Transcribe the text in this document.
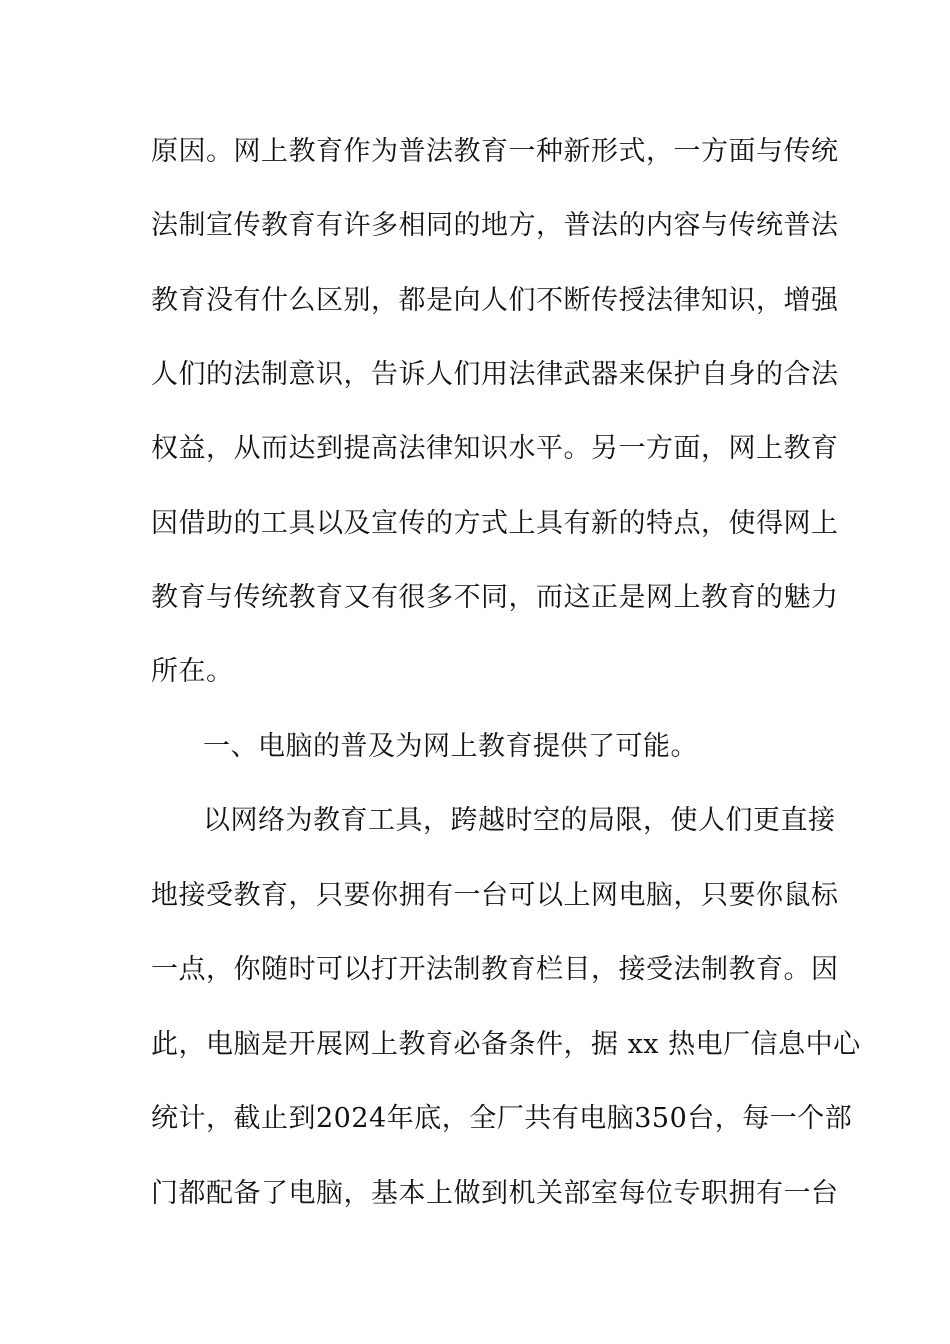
原因。网上教育作为普法教育一种新形式，一方面与传统
法制宣传教育有许多相同的地方，普法的内容与传统普法
教育没有什么区别，都是向人们不断传授法律知识，增强
人们的法制意识，告诉人们用法律武器来保护自身的合法
权益，从而达到提高法律知识水平。另一方面，网上教育
因借助的工具以及宣传的方式上具有新的特点，使得网上
教育与传统教育又有很多不同，而这正是网上教育的魅力
所在。
一、电脑的普及为网上教育提供了可能。
以网络为教育工具，跨越时空的局限，使人们更直接
地接受教育，只要你拥有一台可以上网电脑，只要你鼠标
一点，你随时可以打开法制教育栏目，接受法制教育。因
此，电脑是开展网上教育必备条件，据 xx 热电厂信息中心
统计，截止到2024年底，全厂共有电脑350台，每一个部
门都配备了电脑，基本上做到机关部室每位专职拥有一台
